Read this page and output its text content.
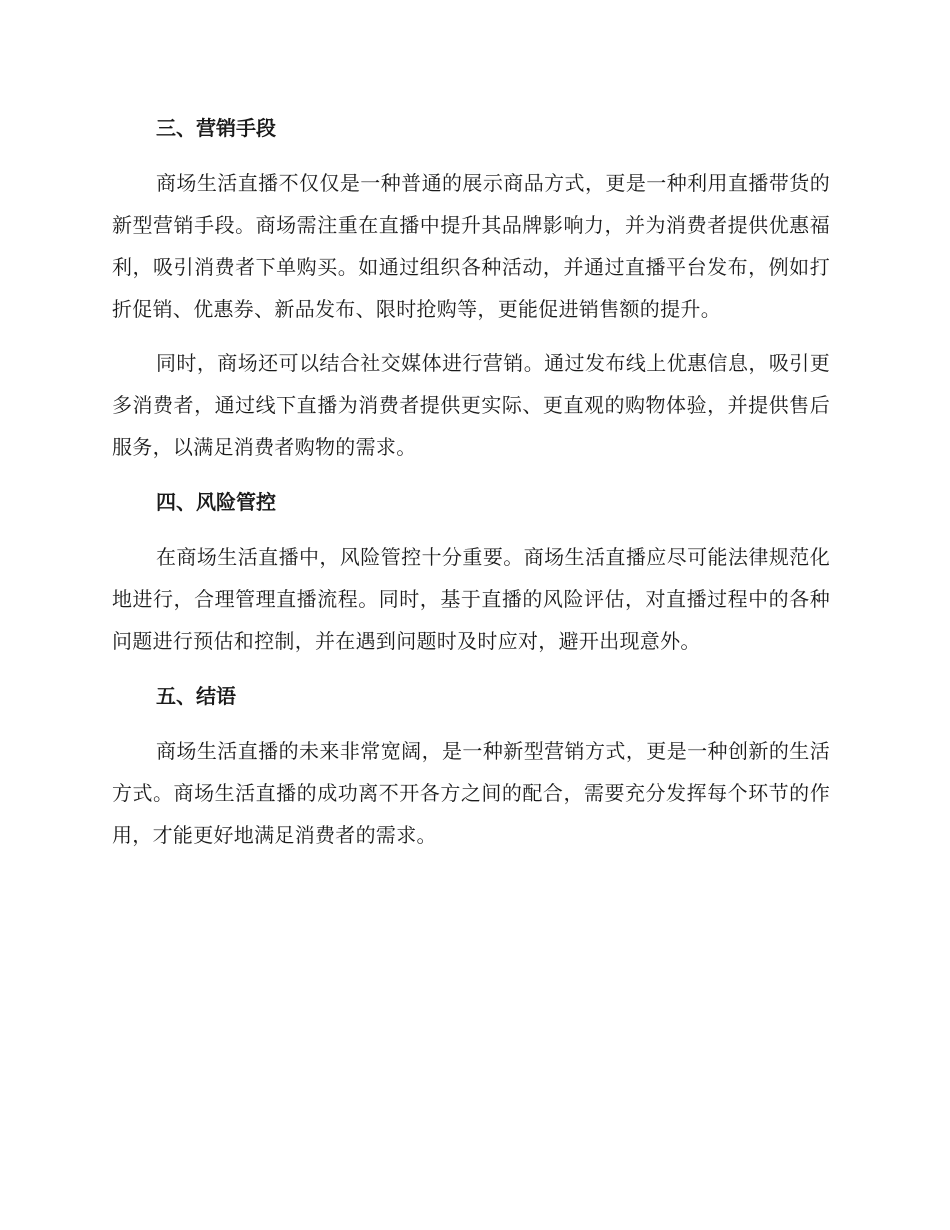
三、营销手段

商场生活直播不仅仅是一种普通的展示商品方式，更是一种利用直播带货的新型营销手段。商场需注重在直播中提升其品牌影响力，并为消费者提供优惠福利，吸引消费者下单购买。如通过组织各种活动，并通过直播平台发布，例如打折促销、优惠券、新品发布、限时抢购等，更能促进销售额的提升。

同时，商场还可以结合社交媒体进行营销。通过发布线上优惠信息，吸引更多消费者，通过线下直播为消费者提供更实际、更直观的购物体验，并提供售后服务，以满足消费者购物的需求。

四、风险管控

在商场生活直播中，风险管控十分重要。商场生活直播应尽可能法律规范化地进行，合理管理直播流程。同时，基于直播的风险评估，对直播过程中的各种问题进行预估和控制，并在遇到问题时及时应对，避开出现意外。

五、结语

商场生活直播的未来非常宽阔，是一种新型营销方式，更是一种创新的生活方式。商场生活直播的成功离不开各方之间的配合，需要充分发挥每个环节的作用，才能更好地满足消费者的需求。
